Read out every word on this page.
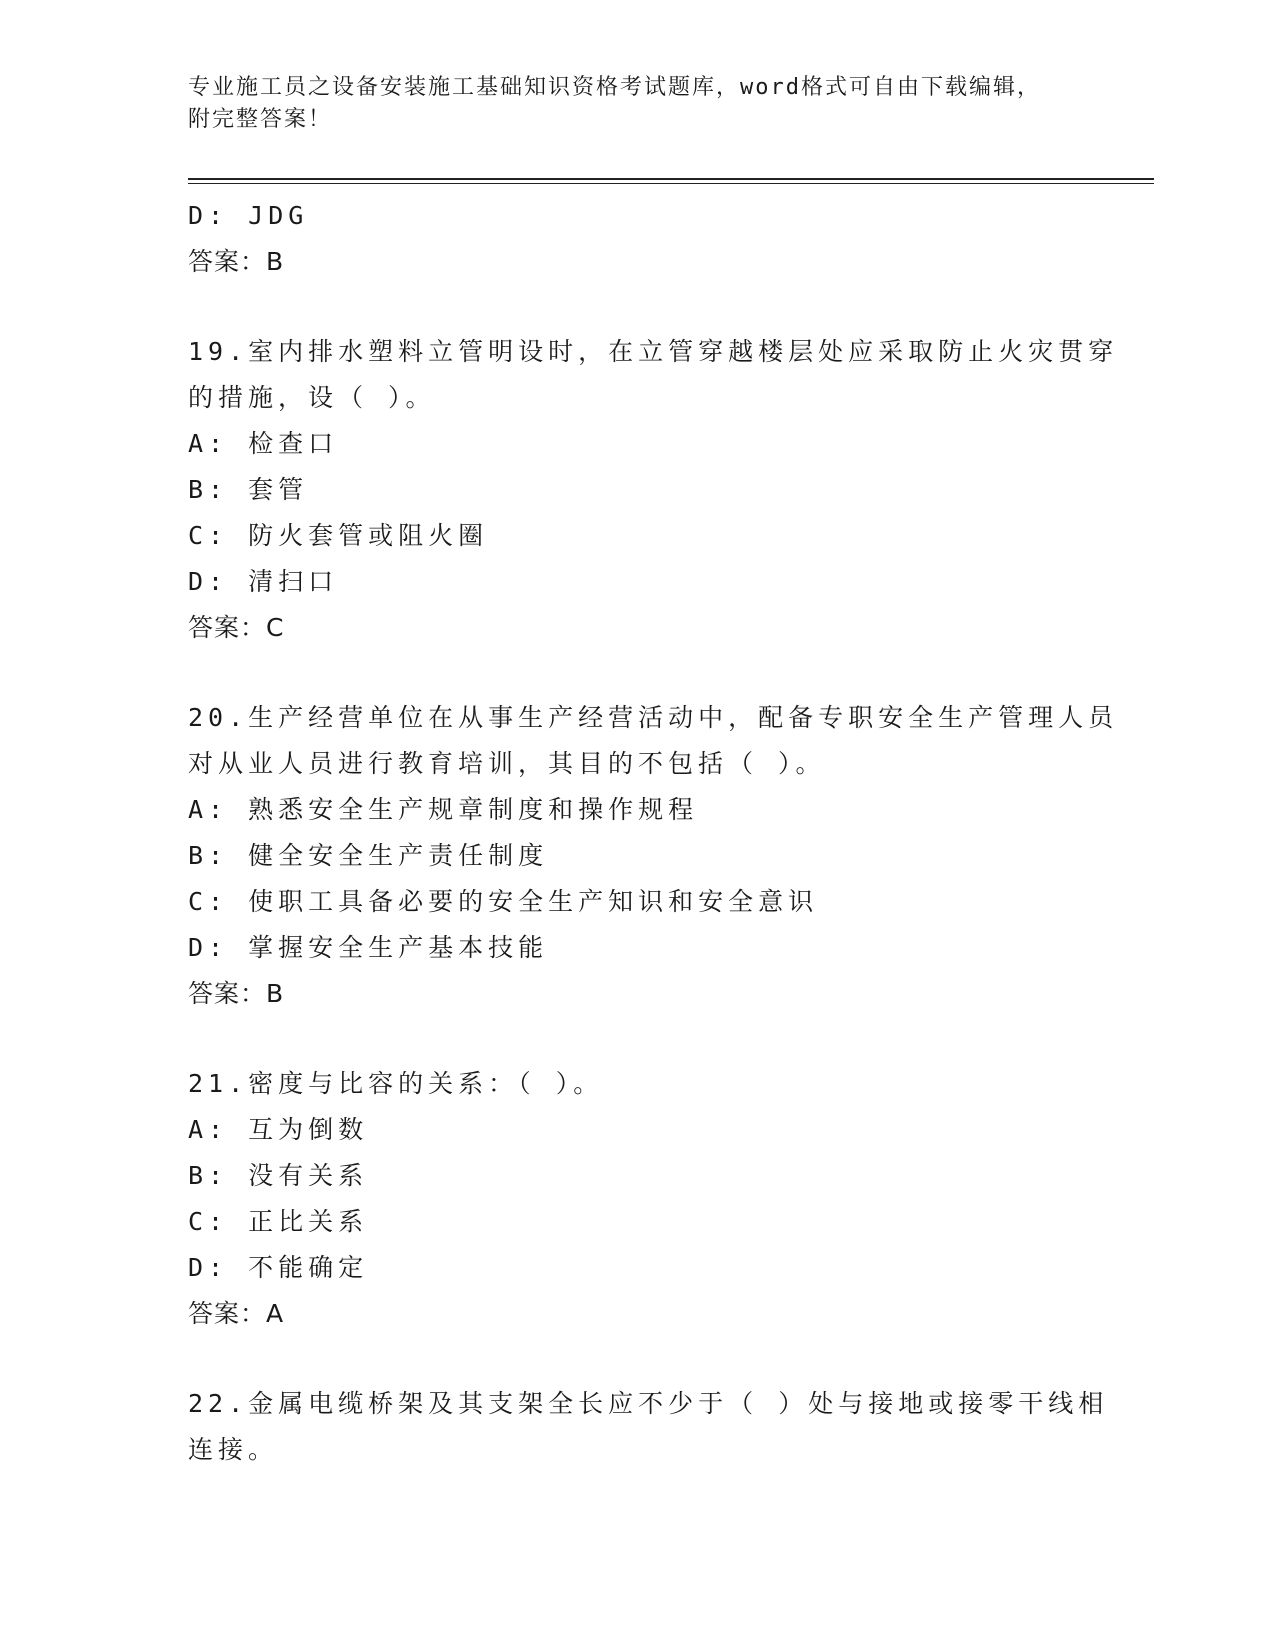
专业施工员之设备安装施工基础知识资格考试题库，word格式可自由下载编辑，
附完整答案！
D: JDG
答案：B
19.室内排水塑料立管明设时，在立管穿越楼层处应采取防止火灾贯穿
的措施，设（ ）。
A: 检查口
B: 套管
C: 防火套管或阻火圈
D: 清扫口
答案：C
20.生产经营单位在从事生产经营活动中，配备专职安全生产管理人员
对从业人员进行教育培训，其目的不包括（ ）。
A: 熟悉安全生产规章制度和操作规程
B: 健全安全生产责任制度
C: 使职工具备必要的安全生产知识和安全意识
D: 掌握安全生产基本技能
答案：B
21.密度与比容的关系：（ ）。
A: 互为倒数
B: 没有关系
C: 正比关系
D: 不能确定
答案：A
22.金属电缆桥架及其支架全长应不少于（ ）处与接地或接零干线相
连接。
